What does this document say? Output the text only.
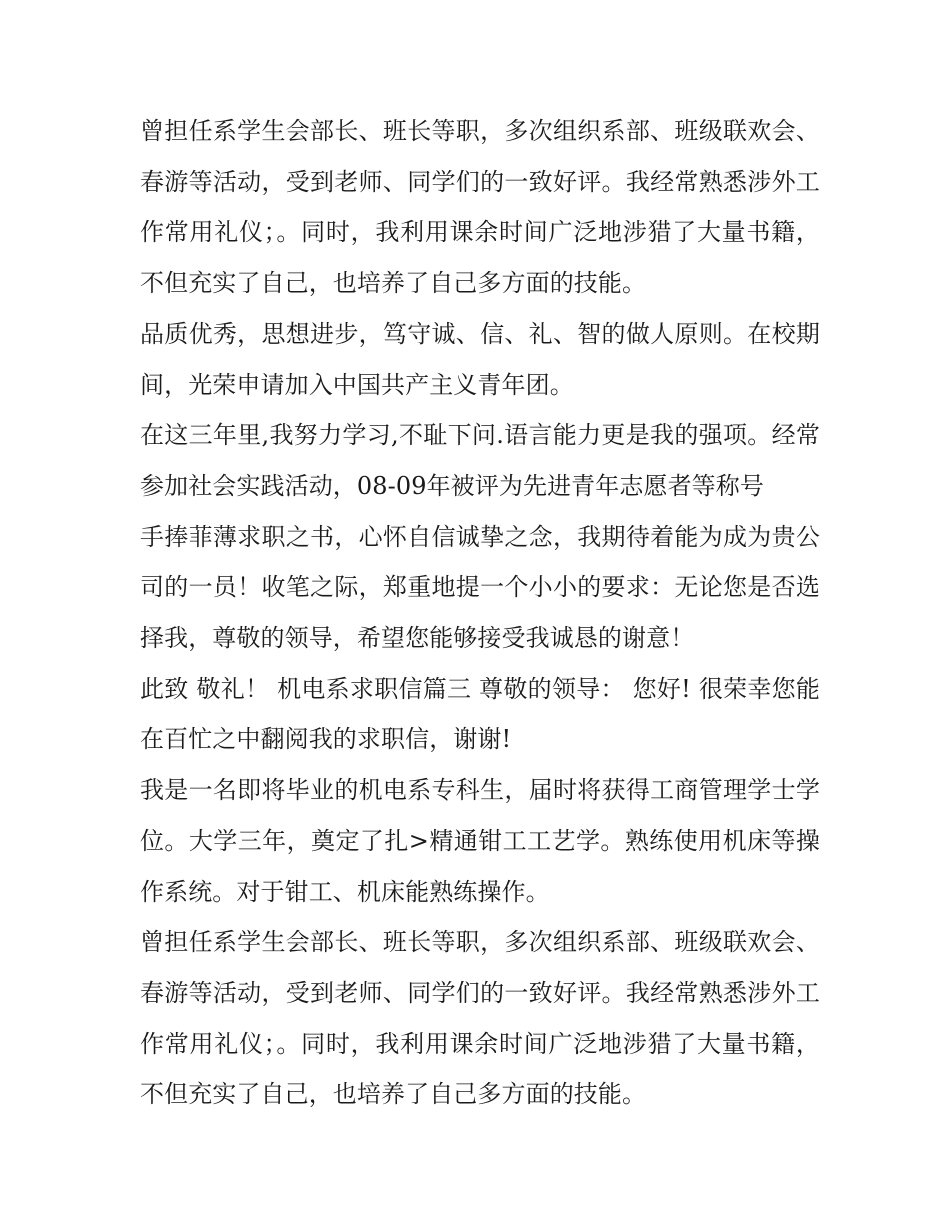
曾担任系学生会部长、班长等职，多次组织系部、班级联欢会、春游等活动，受到老师、同学们的一致好评。我经常熟悉涉外工作常用礼仪；。同时，我利用课余时间广泛地涉猎了大量书籍，不但充实了自己，也培养了自己多方面的技能。

品质优秀，思想进步，笃守诚、信、礼、智的做人原则。在校期间，光荣申请加入中国共产主义青年团。

在这三年里,我努力学习,不耻下问.语言能力更是我的强项。经常参加社会实践活动，08-09年被评为先进青年志愿者等称号

手捧菲薄求职之书，心怀自信诚挚之念，我期待着能为成为贵公司的一员！收笔之际，郑重地提一个小小的要求：无论您是否选择我，尊敬的领导，希望您能够接受我诚恳的谢意！

此致 敬礼！ 机电系求职信篇三 尊敬的领导： 您好! 很荣幸您能在百忙之中翻阅我的求职信，谢谢!

我是一名即将毕业的机电系专科生，届时将获得工商管理学士学位。大学三年，奠定了扎>精通钳工工艺学。熟练使用机床等操作系统。对于钳工、机床能熟练操作。

曾担任系学生会部长、班长等职，多次组织系部、班级联欢会、春游等活动，受到老师、同学们的一致好评。我经常熟悉涉外工作常用礼仪；。同时，我利用课余时间广泛地涉猎了大量书籍，不但充实了自己，也培养了自己多方面的技能。
